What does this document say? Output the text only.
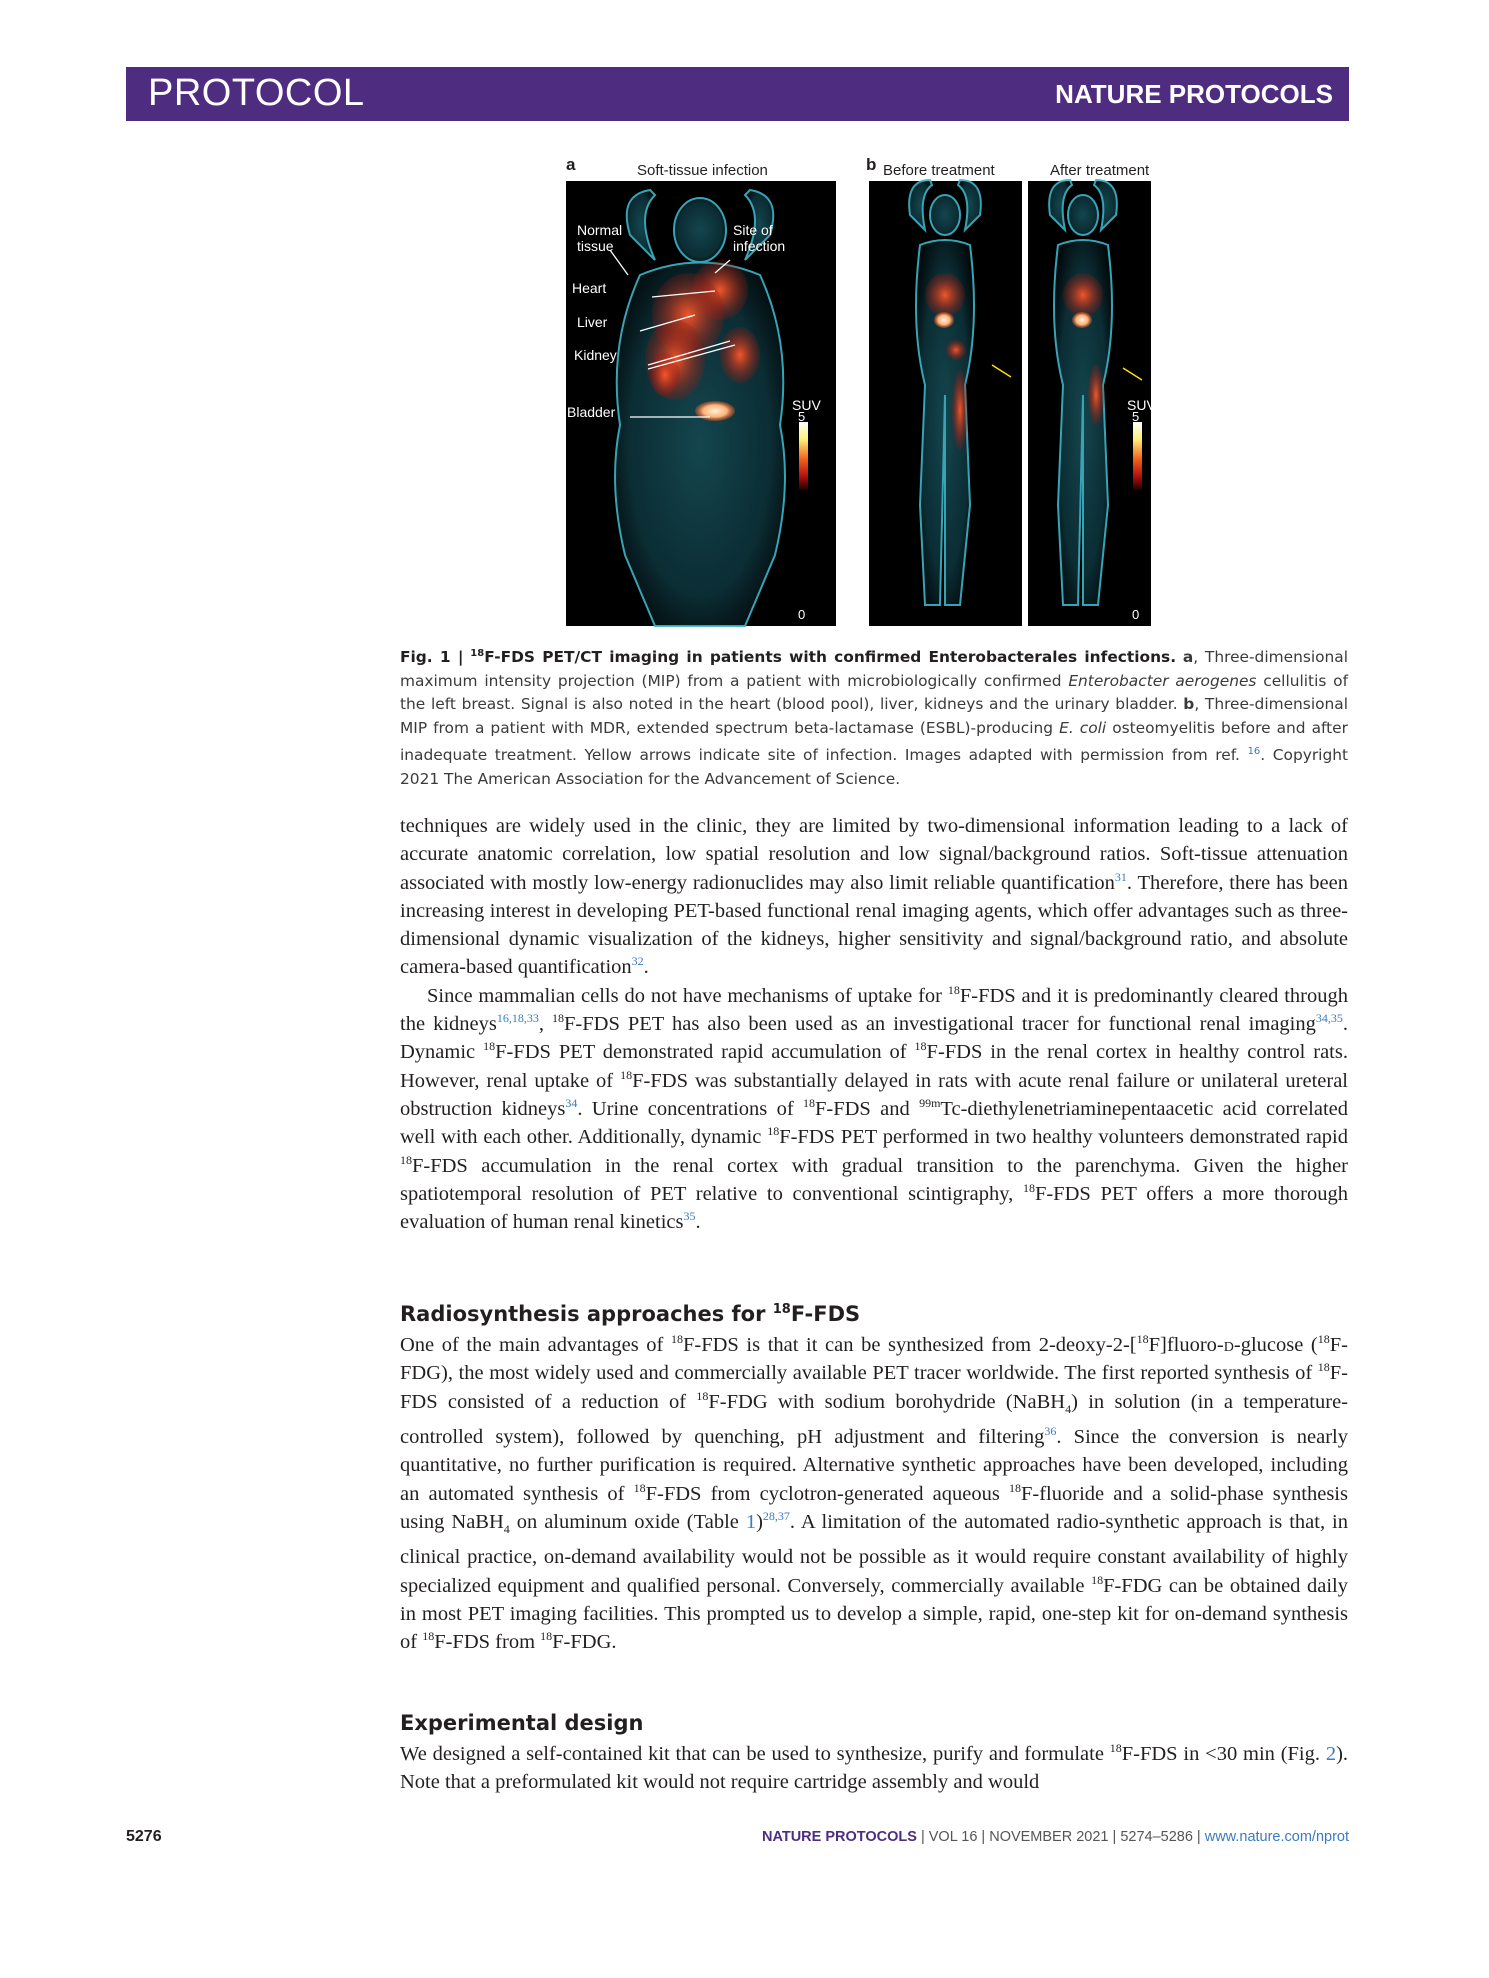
PROTOCOL	NATURE PROTOCOLS
a	Soft-tissue infection	b Before treatment	After treatment
Normal
tissue
Site of
infection
Heart
Liver
Kidney
Bladder	SUV
5
0
SUV
5
0
Fig. 1 | $^{18}$F-FDS PET/CT imaging in patients with confirmed Enterobacterales infections. a, Three-dimensional maximum intensity projection (MIP) from a patient with microbiologically confirmed Enterobacter aerogenes cellulitis of the left breast. Signal is also noted in the heart (blood pool), liver, kidneys and the urinary bladder. b, Three-dimensional MIP from a patient with MDR, extended spectrum beta-lactamase (ESBL)-producing E. coli osteomyelitis before and after inadequate treatment. Yellow arrows indicate site of infection. Images adapted with permission from ref. $^{16}$. Copyright 2021 The American Association for the Advancement of Science.

techniques are widely used in the clinic, they are limited by two-dimensional information leading to a lack of accurate anatomic correlation, low spatial resolution and low signal/background ratios. Soft-tissue attenuation associated with mostly low-energy radionuclides may also limit reliable quantification$^{31}$. Therefore, there has been increasing interest in developing PET-based functional renal imaging agents, which offer advantages such as three-dimensional dynamic visualization of the kidneys, higher sensitivity and signal/background ratio, and absolute camera-based quantification$^{32}$.

Since mammalian cells do not have mechanisms of uptake for $^{18}$F-FDS and it is predominantly cleared through the kidneys$^{16,18,33}$, $^{18}$F-FDS PET has also been used as an investigational tracer for functional renal imaging$^{34,35}$. Dynamic $^{18}$F-FDS PET demonstrated rapid accumulation of $^{18}$F-FDS in the renal cortex in healthy control rats. However, renal uptake of $^{18}$F-FDS was substantially delayed in rats with acute renal failure or unilateral ureteral obstruction kidneys$^{34}$. Urine concentrations of $^{18}$F-FDS and $^{99m}$Tc-diethylenetriaminepentaacetic acid correlated well with each other. Additionally, dynamic $^{18}$F-FDS PET performed in two healthy volunteers demonstrated rapid $^{18}$F-FDS accumulation in the renal cortex with gradual transition to the parenchyma. Given the higher spatiotemporal resolution of PET relative to conventional scintigraphy, $^{18}$F-FDS PET offers a more thorough evaluation of human renal kinetics$^{35}$.

Radiosynthesis approaches for $^{18}$F-FDS

One of the main advantages of $^{18}$F-FDS is that it can be synthesized from 2-deoxy-2-[$^{18}$F]fluoro-d-glucose ($^{18}$F-FDG), the most widely used and commercially available PET tracer worldwide. The first reported synthesis of $^{18}$F-FDS consisted of a reduction of $^{18}$F-FDG with sodium borohydride (NaBH$_4$) in solution (in a temperature-controlled system), followed by quenching, pH adjustment and filtering$^{36}$. Since the conversion is nearly quantitative, no further purification is required. Alternative synthetic approaches have been developed, including an automated synthesis of $^{18}$F-FDS from cyclotron-generated aqueous $^{18}$F-fluoride and a solid-phase synthesis using NaBH$_4$ on aluminum oxide (Table 1)$^{28,37}$. A limitation of the automated radio-synthetic approach is that, in clinical practice, on-demand availability would not be possible as it would require constant availability of highly specialized equipment and qualified personal. Conversely, commercially available $^{18}$F-FDG can be obtained daily in most PET imaging facilities. This prompted us to develop a simple, rapid, one-step kit for on-demand synthesis of $^{18}$F-FDS from $^{18}$F-FDG.

Experimental design

We designed a self-contained kit that can be used to synthesize, purify and formulate $^{18}$F-FDS in <30 min (Fig. 2). Note that a preformulated kit would not require cartridge assembly and would

5276	NATURE PROTOCOLS | VOL 16 | NOVEMBER 2021 | 5274–5286 | www.nature.com/nprot
